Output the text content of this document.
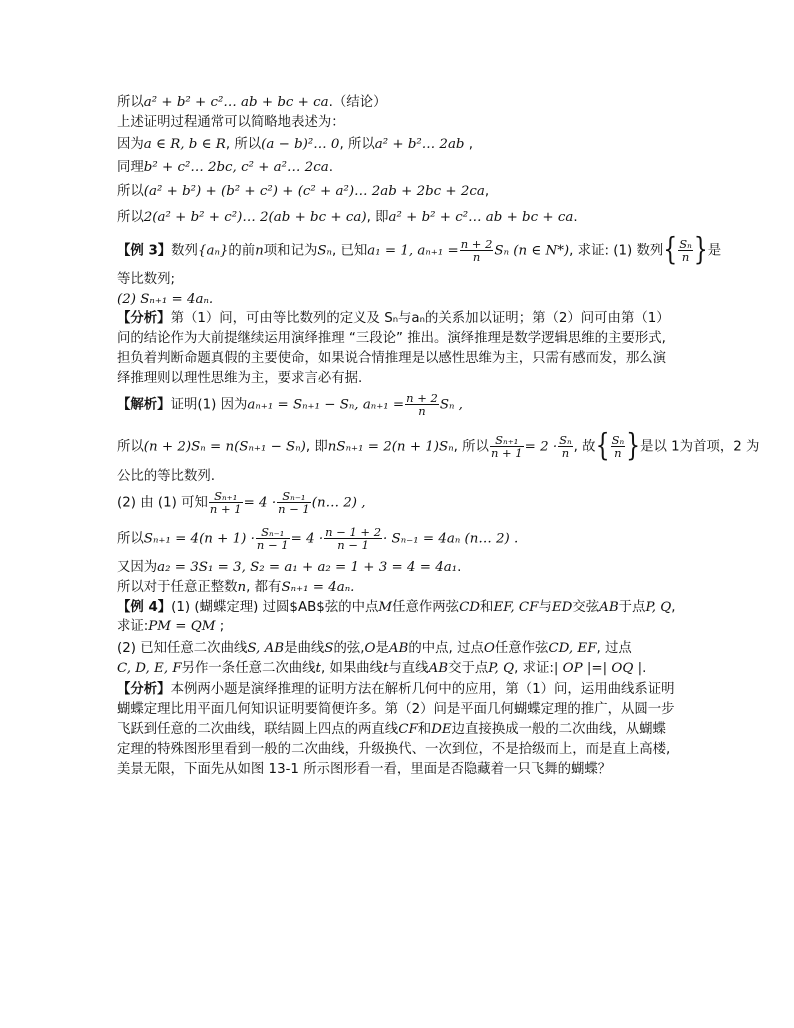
所以a² + b² + c²… ab + bc + ca.（结论）
上述证明过程通常可以简略地表述为：
因为a ∈ R, b ∈ R, 所以(a − b)²… 0, 所以a² + b²… 2ab ,
同理b² + c²… 2bc, c² + a²… 2ca.
所以(a² + b²) + (b² + c²) + (c² + a²)… 2ab + 2bc + 2ca,
所以2(a² + b² + c²)… 2(ab + bc + ca), 即a² + b² + c²… ab + bc + ca.
【例 3】数列{aₙ}的前n项和记为Sₙ, 已知a₁ = 1, $a_{n+1} = \frac{n + 2}{n}$ Sₙ (n ∈ N*), 求证: (1) 数列{ $\frac{\text{Sₙ}}{n}$ }是
等比数列;
(2) Sₙ₊₁ = 4aₙ.
【分析】第（1）问，可由等比数列的定义及 Sₙ与aₙ的关系加以证明；第（2）问可由第（1）
问的结论作为大前提继续运用演绎推理 “三段论” 推出。演绎推理是数学逻辑思维的主要形式,
担负着判断命题真假的主要使命，如果说合情推理是以感性思维为主，只需有感而发，那么演
绎推理则以理性思维为主，要求言必有据.
【解析】证明(1) 因为aₙ₊₁ = Sₙ₊₁ − Sₙ, $a_{n+1} = \frac{n + 2}{n}$ Sₙ ,
所以(n + 2)Sₙ = n(Sₙ₊₁ − Sₙ), 即nSₙ₊₁ = 2(n + 1)Sₙ, 所以 $\frac{\text{Sₙ₊₁}}{n + 1} = 2 \cdot \frac{\text{Sₙ}}{n}$ , 故{ $\frac{\text{Sₙ}}{n}$ }是以 1为首项，2 为
公比的等比数列.
(2) 由 (1) 可知 $\frac{\text{Sₙ₊₁}}{n + 1} = 4 \cdot \frac{\text{Sₙ₋₁}}{n - 1}$ (n… 2) ,
所以$S_{n+1} = 4(n + 1) \cdot \frac{\text{Sₙ₋₁}}{n - 1} = 4 \cdot \frac{n - 1 + 2}{n - 1} \cdot S_{n-1} = 4a_n$ (n… 2) .
又因为a₂ = 3S₁ = 3, S₂ = a₁ + a₂ = 1 + 3 = 4 = 4a₁.
所以对于任意正整数n, 都有Sₙ₊₁ = 4aₙ.
【例 4】(1) (蝴蝶定理) 过圆$AB$弦的中点M任意作两弦CD和EF, CF与ED交弦AB于点P, Q,
求证:PM = QM ;
(2) 已知任意二次曲线S, AB是曲线S的弦,O是AB的中点, 过点O任意作弦CD, EF, 过点
C, D, E, F另作一条任意二次曲线t, 如果曲线t与直线AB交于点P, Q, 求证:| OP |=| OQ |.
【分析】本例两小题是演绎推理的证明方法在解析几何中的应用，第（1）问，运用曲线系证明
蝴蝶定理比用平面几何知识证明要简便许多。第（2）问是平面几何蝴蝶定理的推广，从圆一步
飞跃到任意的二次曲线，联结圆上四点的两直线CF和DE边直接换成一般的二次曲线，从蝴蝶
定理的特殊图形里看到一般的二次曲线，升级换代、一次到位，不是拾级而上，而是直上高楼,
美景无限，下面先从如图 13-1 所示图形看一看，里面是否隐藏着一只飞舞的蝴蝶？
